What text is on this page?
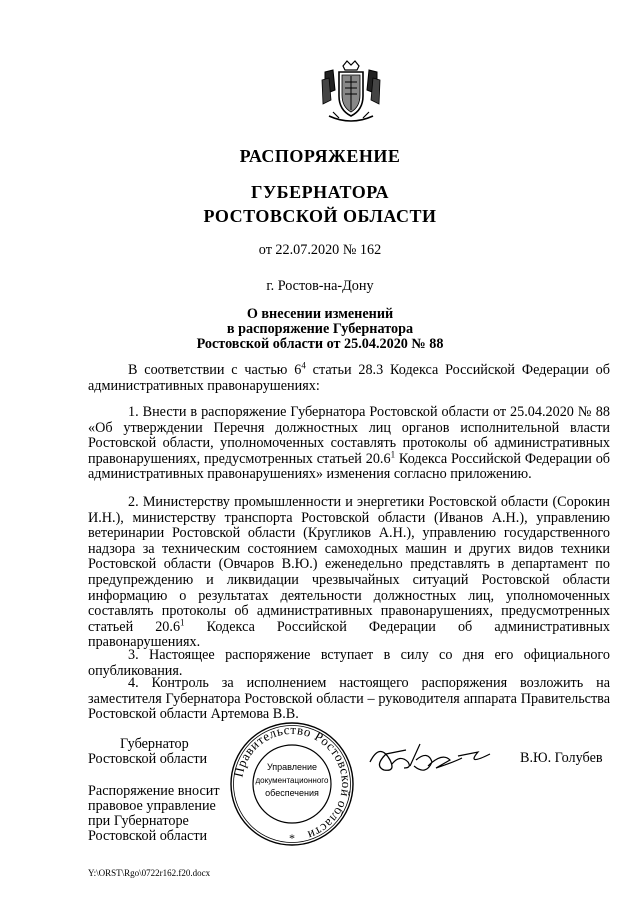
РАСПОРЯЖЕНИЕ
ГУБЕРНАТОРА
РОСТОВСКОЙ ОБЛАСТИ
от 22.07.2020 № 162
г. Ростов-на-Дону
О внесении изменений
в распоряжение Губернатора
Ростовской области от 25.04.2020 № 88

В соответствии с частью $6^4$ статьи 28.3 Кодекса Российской Федерации об административных правонарушениях:

1. Внести в распоряжение Губернатора Ростовской области от 25.04.2020 № 88 «Об утверждении Перечня должностных лиц органов исполнительной власти Ростовской области, уполномоченных составлять протоколы об административных правонарушениях, предусмотренных статьей 20.6$^1$ Кодекса Российской Федерации об административных правонарушениях» изменения согласно приложению.

2. Министерству промышленности и энергетики Ростовской области (Сорокин И.Н.), министерству транспорта Ростовской области (Иванов А.Н.), управлению ветеринарии Ростовской области (Кругликов А.Н.), управлению государственного надзора за техническим состоянием самоходных машин и других видов техники Ростовской области (Овчаров В.Ю.) еженедельно представлять в департамент по предупреждению и ликвидации чрезвычайных ситуаций Ростовской области информацию о результатах деятельности должностных лиц, уполномоченных составлять протоколы об административных правонарушениях, предусмотренных статьей 20.6$^1$ Кодекса Российской Федерации об административных правонарушениях.

3. Настоящее распоряжение вступает в силу со дня его официального опубликования.

4. Контроль за исполнением настоящего распоряжения возложить на заместителя Губернатора Ростовской области – руководителя аппарата Правительства Ростовской области Артемова В.В.

Губернатор
Ростовской области	В.Ю. Голубев
Правительство Ростовской области
Управление
документационного
обеспечения
*
Распоряжение вносит
правовое управление
при Губернаторе
Ростовской области
Y:\ORST\Rgo\0722r162.f20.docx
